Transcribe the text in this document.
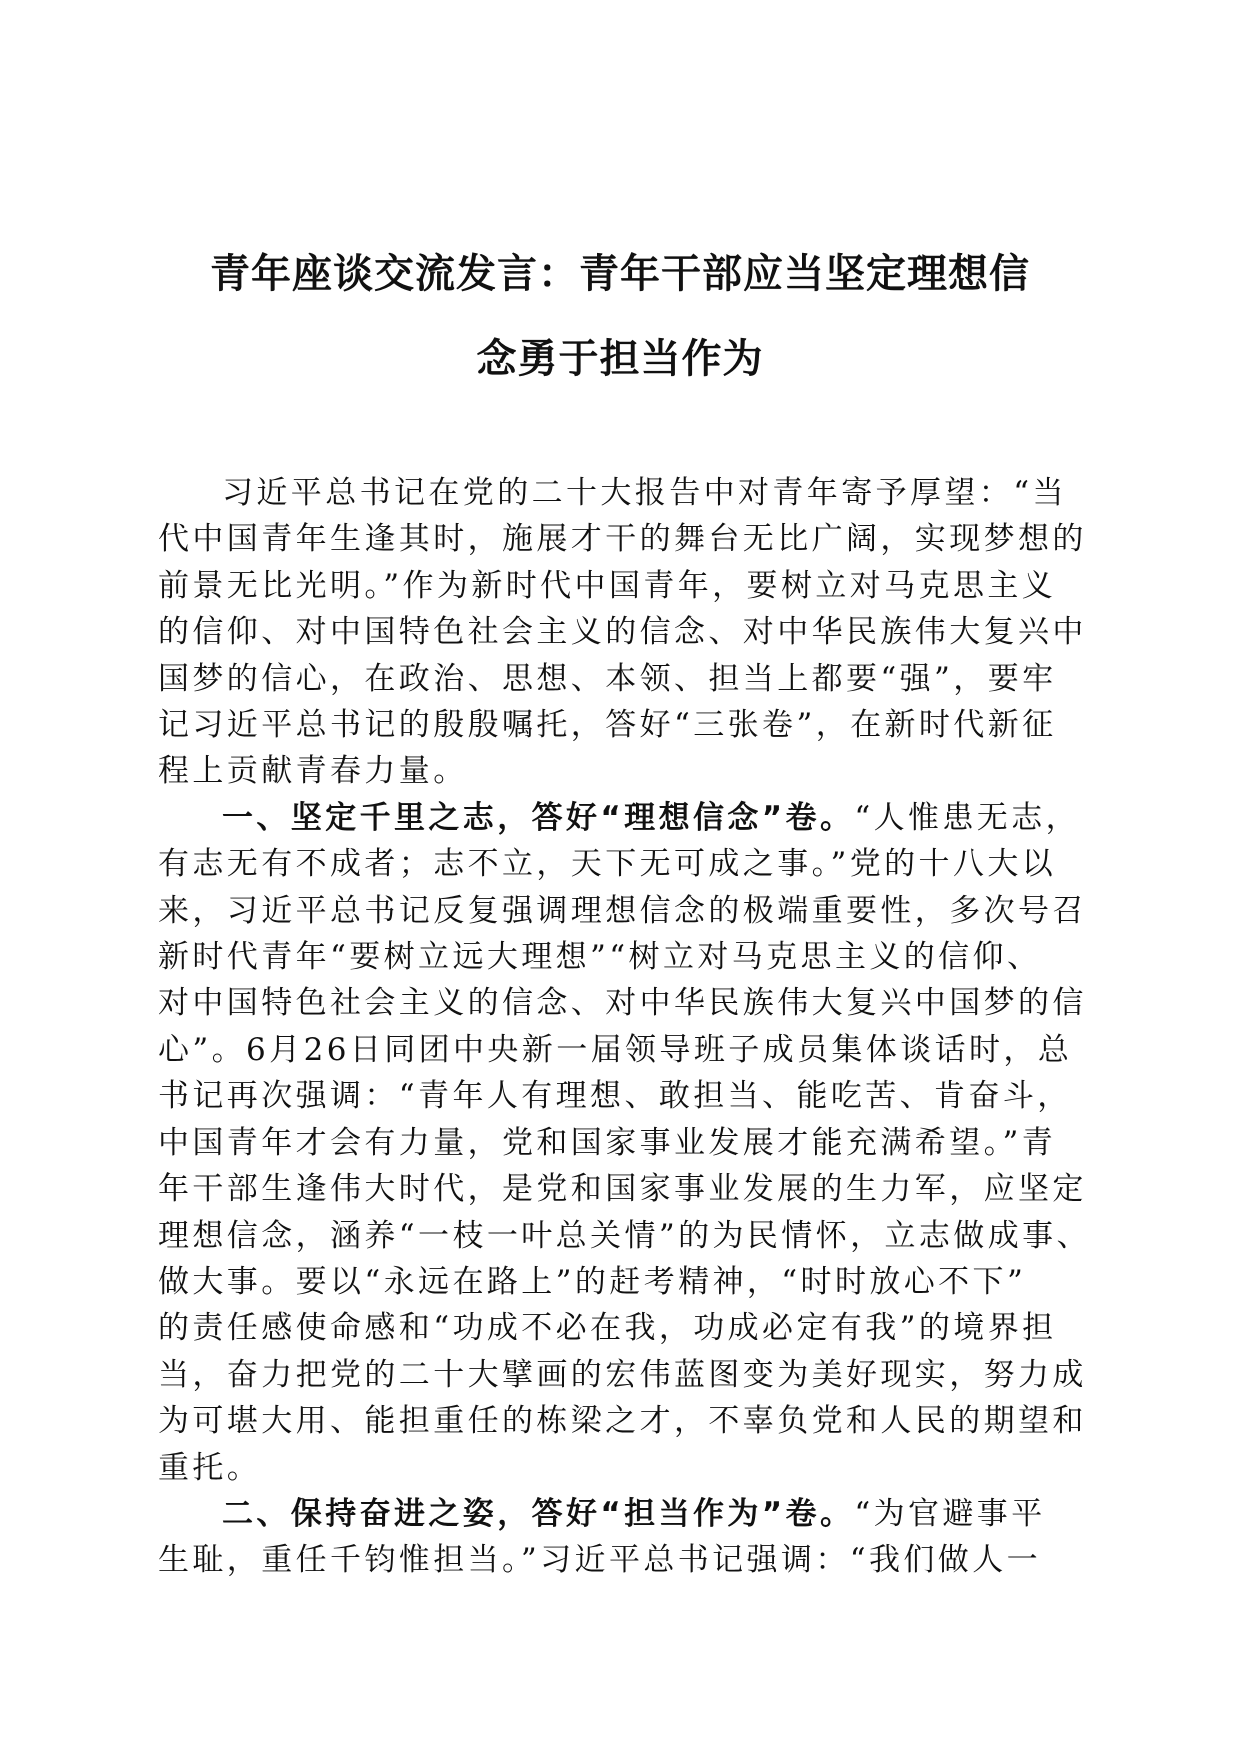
青年座谈交流发言：青年干部应当坚定理想信
念勇于担当作为

习近平总书记在党的二十大报告中对青年寄予厚望：“当

代中国青年生逢其时，施展才干的舞台无比广阔，实现梦想的

前景无比光明。”作为新时代中国青年，要树立对马克思主义

的信仰、对中国特色社会主义的信念、对中华民族伟大复兴中

国梦的信心，在政治、思想、本领、担当上都要“强”，要牢

记习近平总书记的殷殷嘱托，答好“三张卷”，在新时代新征

程上贡献青春力量。

一、坚定千里之志，答好“理想信念”卷。“人惟患无志，

有志无有不成者；志不立，天下无可成之事。”党的十八大以

来，习近平总书记反复强调理想信念的极端重要性，多次号召

新时代青年“要树立远大理想”“树立对马克思主义的信仰、

对中国特色社会主义的信念、对中华民族伟大复兴中国梦的信

心”。6月26日同团中央新一届领导班子成员集体谈话时，总

书记再次强调：“青年人有理想、敢担当、能吃苦、肯奋斗，

中国青年才会有力量，党和国家事业发展才能充满希望。”青

年干部生逢伟大时代，是党和国家事业发展的生力军，应坚定

理想信念，涵养“一枝一叶总关情”的为民情怀，立志做成事、

做大事。要以“永远在路上”的赶考精神，“时时放心不下”

的责任感使命感和“功成不必在我，功成必定有我”的境界担

当，奋力把党的二十大擘画的宏伟蓝图变为美好现实，努力成

为可堪大用、能担重任的栋梁之才，不辜负党和人民的期望和

重托。

二、保持奋进之姿，答好“担当作为”卷。“为官避事平

生耻，重任千钧惟担当。”习近平总书记强调：“我们做人一
